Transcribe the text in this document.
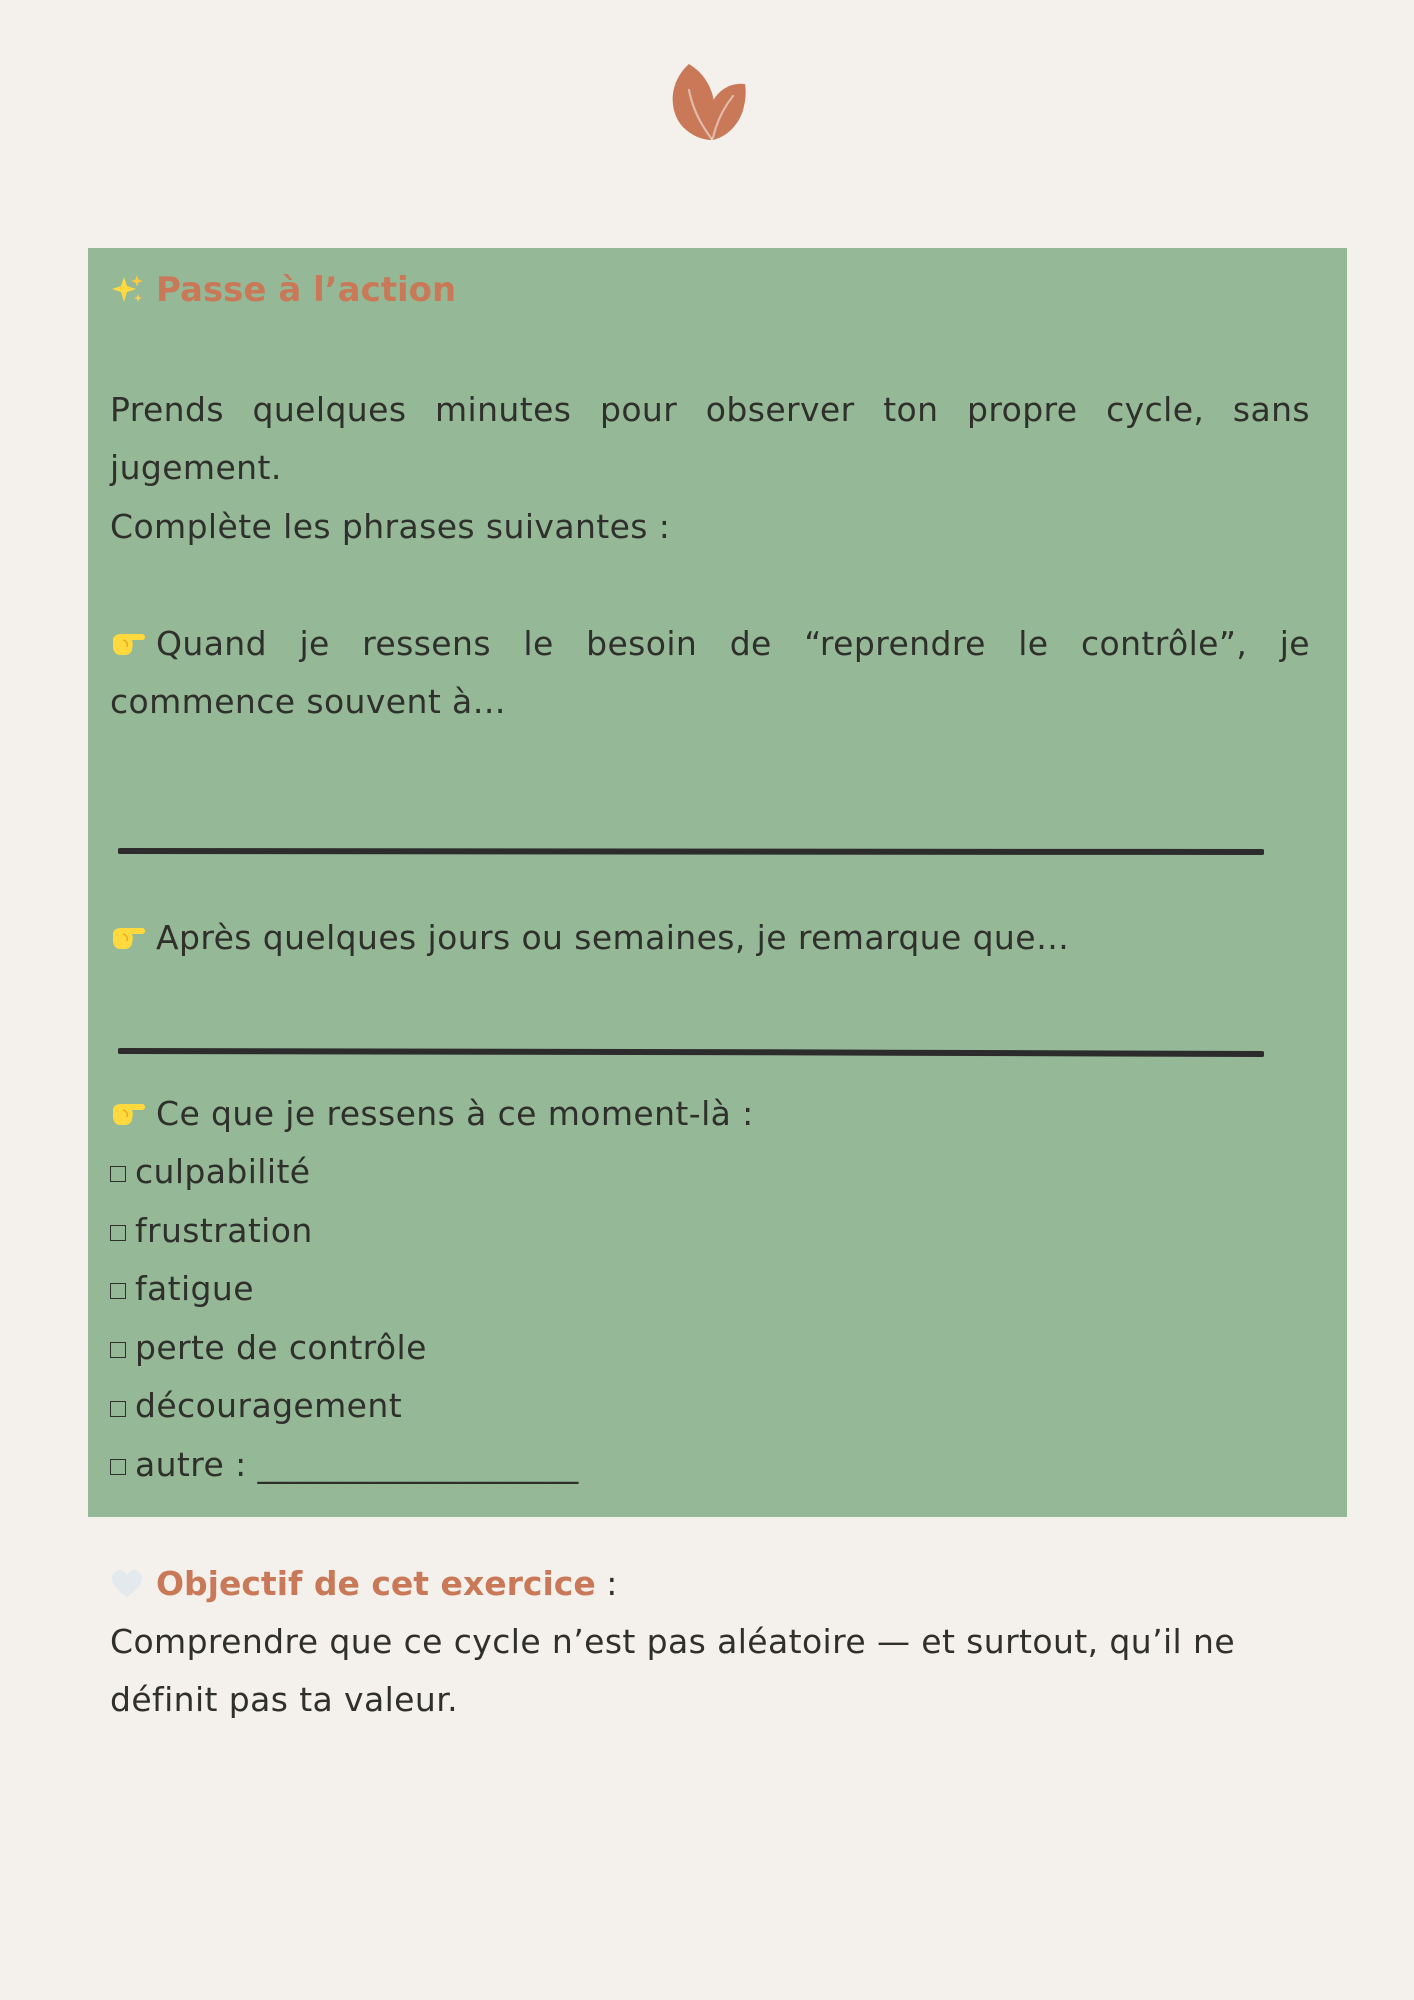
Passe à l’action

Prends quelques minutes pour observer ton propre cycle, sans jugement.

Complète les phrases suivantes :

Quand je ressens le besoin de “reprendre le contrôle”, je commence souvent à…
Après quelques jours ou semaines, je remarque que…
Ce que je ressens à ce moment-là :
culpabilité
frustration
fatigue
perte de contrôle
découragement
autre : ___________________
Objectif de cet exercice :

Comprendre que ce cycle n’est pas aléatoire — et surtout, qu’il ne définit pas ta valeur.
